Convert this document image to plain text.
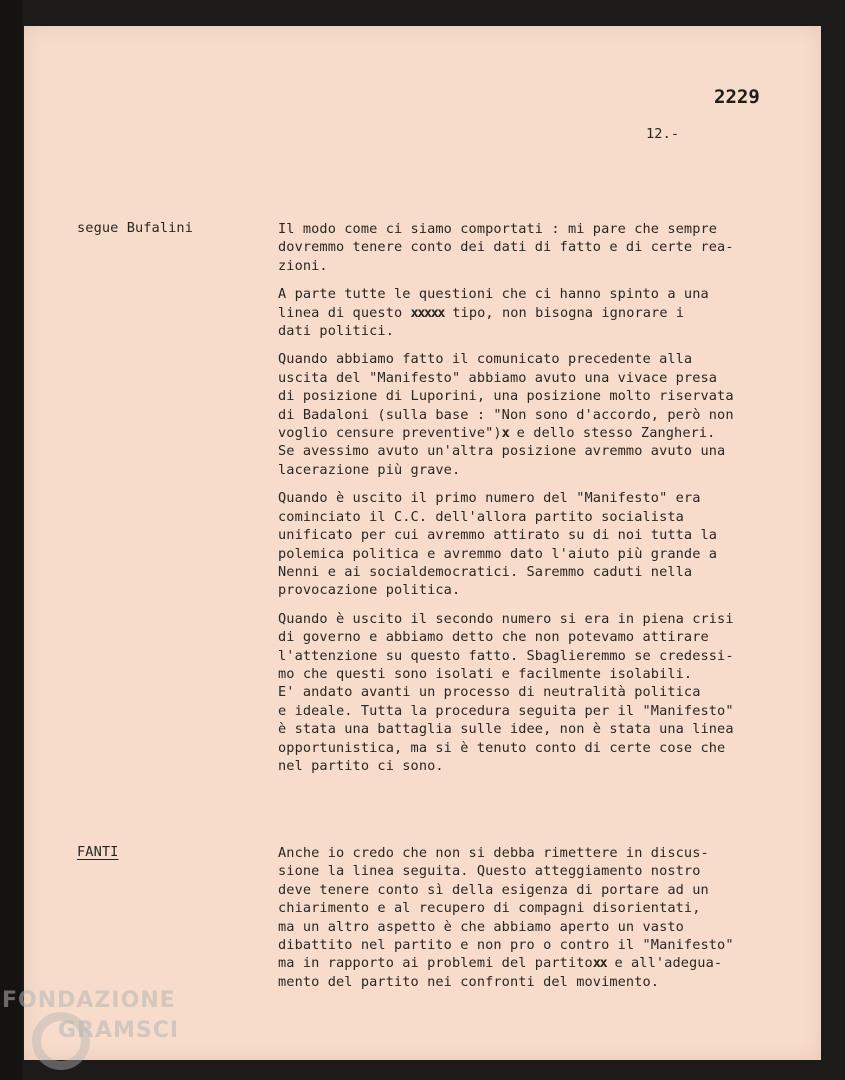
2229
12.-
segue Bufalini	Il modo come ci siamo comportati : mi pare che sempre
dovremmo tenere conto dei dati di fatto e di certe rea-
zioni.

A parte tutte le questioni che ci hanno spinto a una
linea di questo xxxxx tipo, non bisogna ignorare i
dati politici.

Quando abbiamo fatto il comunicato precedente alla
uscita del "Manifesto" abbiamo avuto una vivace presa
di posizione di Luporini, una posizione molto riservata
di Badaloni (sulla base : "Non sono d'accordo, però non
voglio censure preventive")x e dello stesso Zangheri.
Se avessimo avuto un'altra posizione avremmo avuto una
lacerazione più grave.

Quando è uscito il primo numero del "Manifesto" era
cominciato il C.C. dell'allora partito socialista
unificato per cui avremmo attirato su di noi tutta la
polemica politica e avremmo dato l'aiuto più grande a
Nenni e ai socialdemocratici. Saremmo caduti nella
provocazione politica.

Quando è uscito il secondo numero si era in piena crisi
di governo e abbiamo detto che non potevamo attirare
l'attenzione su questo fatto. Sbaglieremmo se credessi-
mo che questi sono isolati e facilmente isolabili.
E' andato avanti un processo di neutralità politica
e ideale. Tutta la procedura seguita per il "Manifesto"
è stata una battaglia sulle idee, non è stata una linea
opportunistica, ma si è tenuto conto di certe cose che
nel partito ci sono.

FANTI	Anche io credo che non si debba rimettere in discus-
sione la linea seguita. Questo atteggiamento nostro
deve tenere conto sì della esigenza di portare ad un
chiarimento e al recupero di compagni disorientati,
ma un altro aspetto è che abbiamo aperto un vasto
dibattito nel partito e non pro o contro il "Manifesto"
ma in rapporto ai problemi del partitoxx e all'adegua-
mento del partito nei confronti del movimento.

FONDAZIONE
GRAMSCI
